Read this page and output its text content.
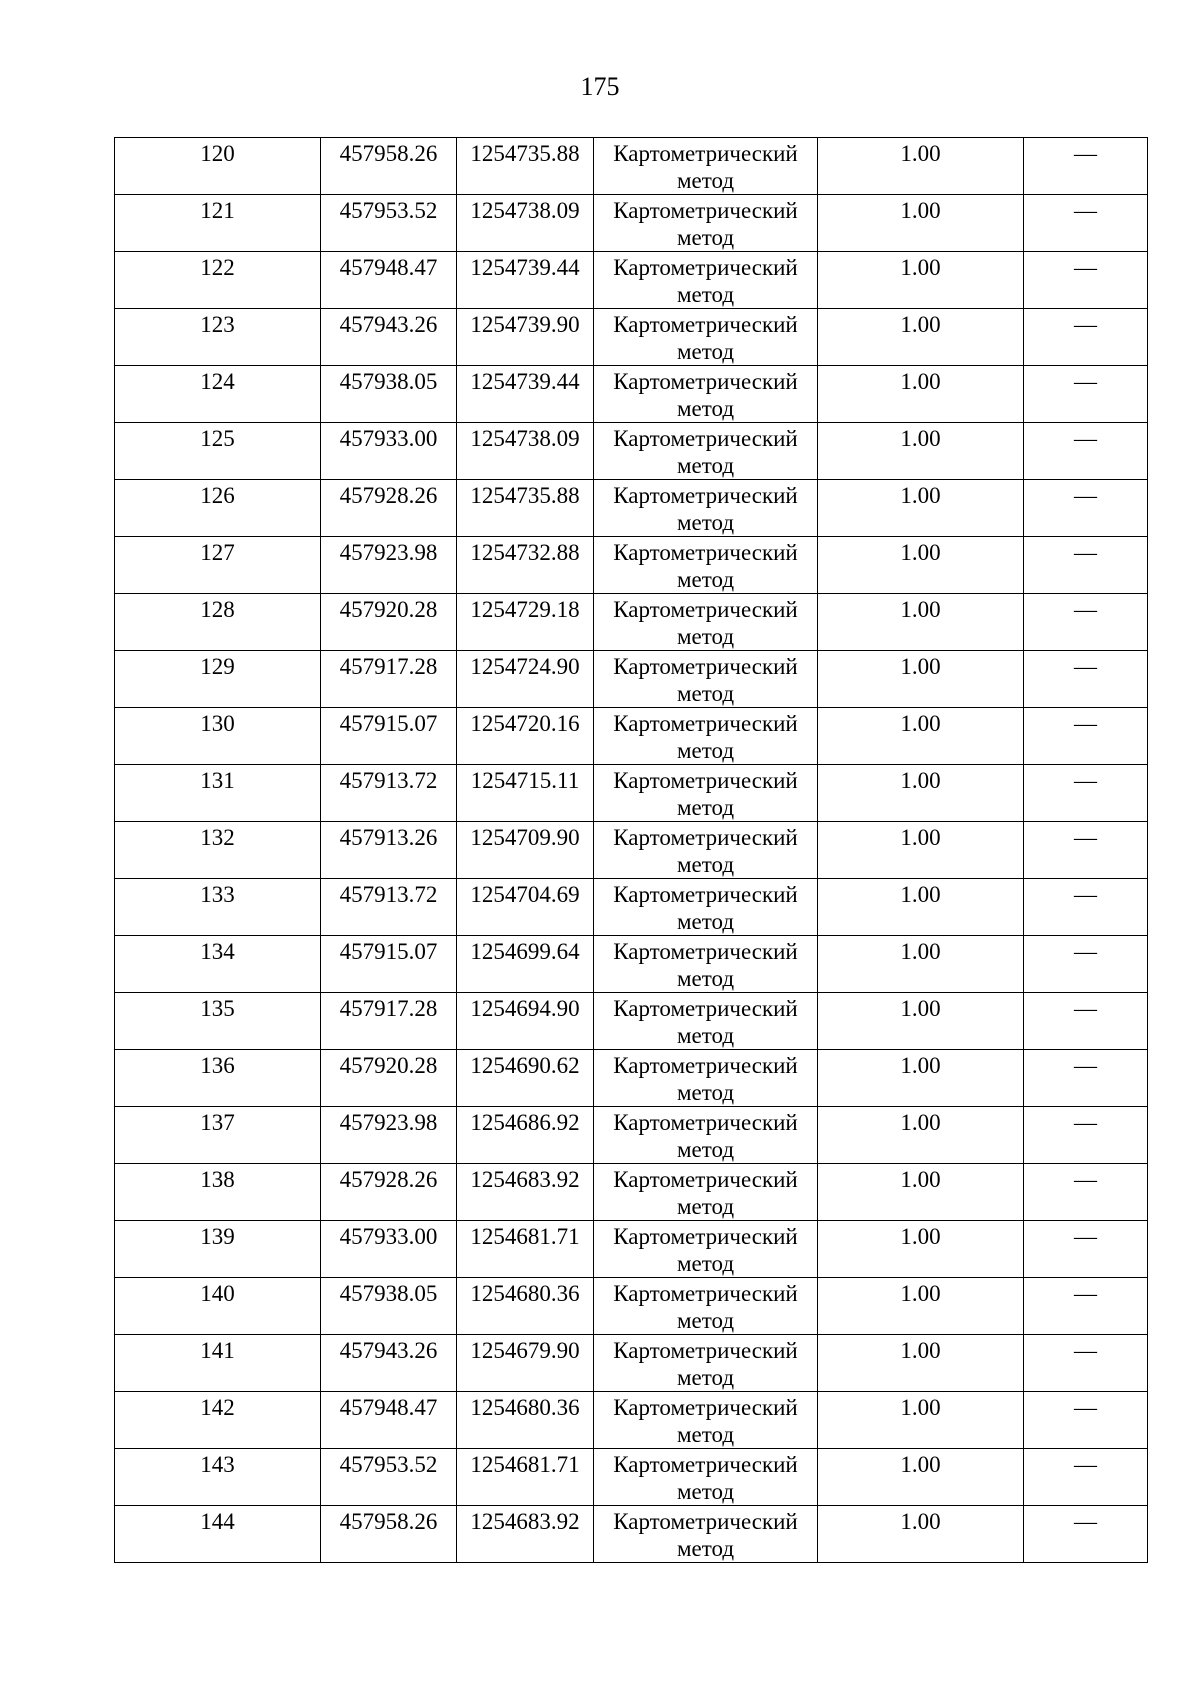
175
120	457958.26	1254735.88	Картометрический метод	1.00	—
121	457953.52	1254738.09	Картометрический метод	1.00	—
122	457948.47	1254739.44	Картометрический метод	1.00	—
123	457943.26	1254739.90	Картометрический метод	1.00	—
124	457938.05	1254739.44	Картометрический метод	1.00	—
125	457933.00	1254738.09	Картометрический метод	1.00	—
126	457928.26	1254735.88	Картометрический метод	1.00	—
127	457923.98	1254732.88	Картометрический метод	1.00	—
128	457920.28	1254729.18	Картометрический метод	1.00	—
129	457917.28	1254724.90	Картометрический метод	1.00	—
130	457915.07	1254720.16	Картометрический метод	1.00	—
131	457913.72	1254715.11	Картометрический метод	1.00	—
132	457913.26	1254709.90	Картометрический метод	1.00	—
133	457913.72	1254704.69	Картометрический метод	1.00	—
134	457915.07	1254699.64	Картометрический метод	1.00	—
135	457917.28	1254694.90	Картометрический метод	1.00	—
136	457920.28	1254690.62	Картометрический метод	1.00	—
137	457923.98	1254686.92	Картометрический метод	1.00	—
138	457928.26	1254683.92	Картометрический метод	1.00	—
139	457933.00	1254681.71	Картометрический метод	1.00	—
140	457938.05	1254680.36	Картометрический метод	1.00	—
141	457943.26	1254679.90	Картометрический метод	1.00	—
142	457948.47	1254680.36	Картометрический метод	1.00	—
143	457953.52	1254681.71	Картометрический метод	1.00	—
144	457958.26	1254683.92	Картометрический метод	1.00	—
